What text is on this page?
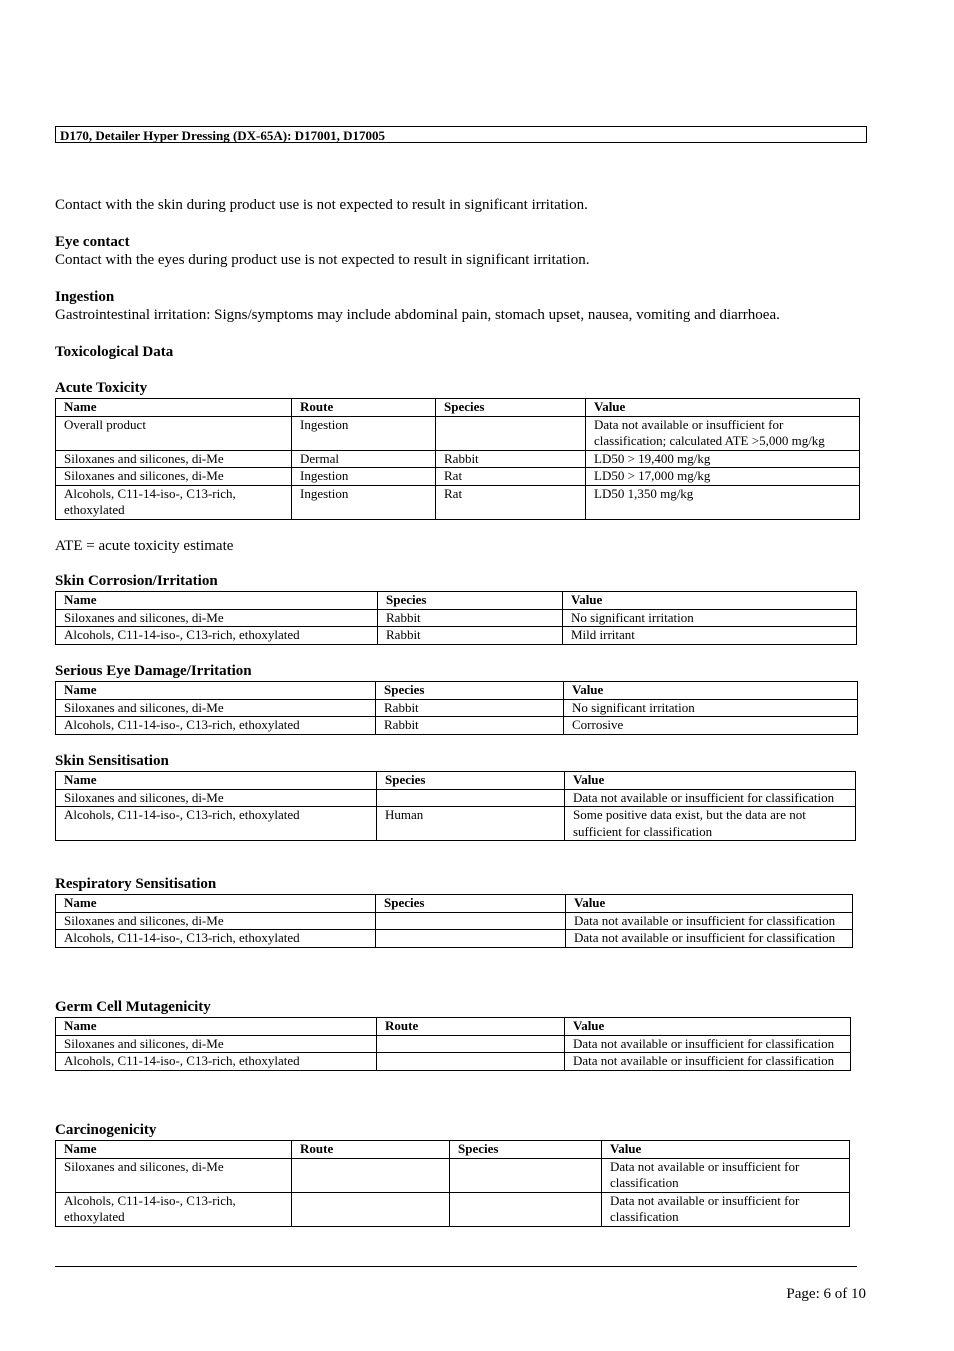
D170, Detailer Hyper Dressing (DX-65A): D17001, D17005
Contact with the skin during product use is not expected to result in significant irritation.
Eye contact
Contact with the eyes during product use is not expected to result in significant irritation.
Ingestion
Gastrointestinal irritation: Signs/symptoms may include abdominal pain, stomach upset, nausea, vomiting and diarrhoea.
Toxicological Data
Acute Toxicity
Name	Route	Species	Value
Overall product	Ingestion		Data not available or insufficient for classification; calculated ATE >5,000 mg/kg
Siloxanes and silicones, di-Me	Dermal	Rabbit	LD50 > 19,400 mg/kg
Siloxanes and silicones, di-Me	Ingestion	Rat	LD50 > 17,000 mg/kg
Alcohols, C11-14-iso-, C13-rich, ethoxylated	Ingestion	Rat	LD50 1,350 mg/kg
ATE = acute toxicity estimate
Skin Corrosion/Irritation
Name	Species	Value
Siloxanes and silicones, di-Me	Rabbit	No significant irritation
Alcohols, C11-14-iso-, C13-rich, ethoxylated	Rabbit	Mild irritant
Serious Eye Damage/Irritation
Name	Species	Value
Siloxanes and silicones, di-Me	Rabbit	No significant irritation
Alcohols, C11-14-iso-, C13-rich, ethoxylated	Rabbit	Corrosive
Skin Sensitisation
Name	Species	Value
Siloxanes and silicones, di-Me		Data not available or insufficient for classification
Alcohols, C11-14-iso-, C13-rich, ethoxylated	Human	Some positive data exist, but the data are not sufficient for classification
Respiratory Sensitisation
Name	Species	Value
Siloxanes and silicones, di-Me		Data not available or insufficient for classification
Alcohols, C11-14-iso-, C13-rich, ethoxylated		Data not available or insufficient for classification
Germ Cell Mutagenicity
Name	Route	Value
Siloxanes and silicones, di-Me		Data not available or insufficient for classification
Alcohols, C11-14-iso-, C13-rich, ethoxylated		Data not available or insufficient for classification
Carcinogenicity
Name	Route	Species	Value
Siloxanes and silicones, di-Me			Data not available or insufficient for classification
Alcohols, C11-14-iso-, C13-rich, ethoxylated			Data not available or insufficient for classification
Page: 6 of 10
